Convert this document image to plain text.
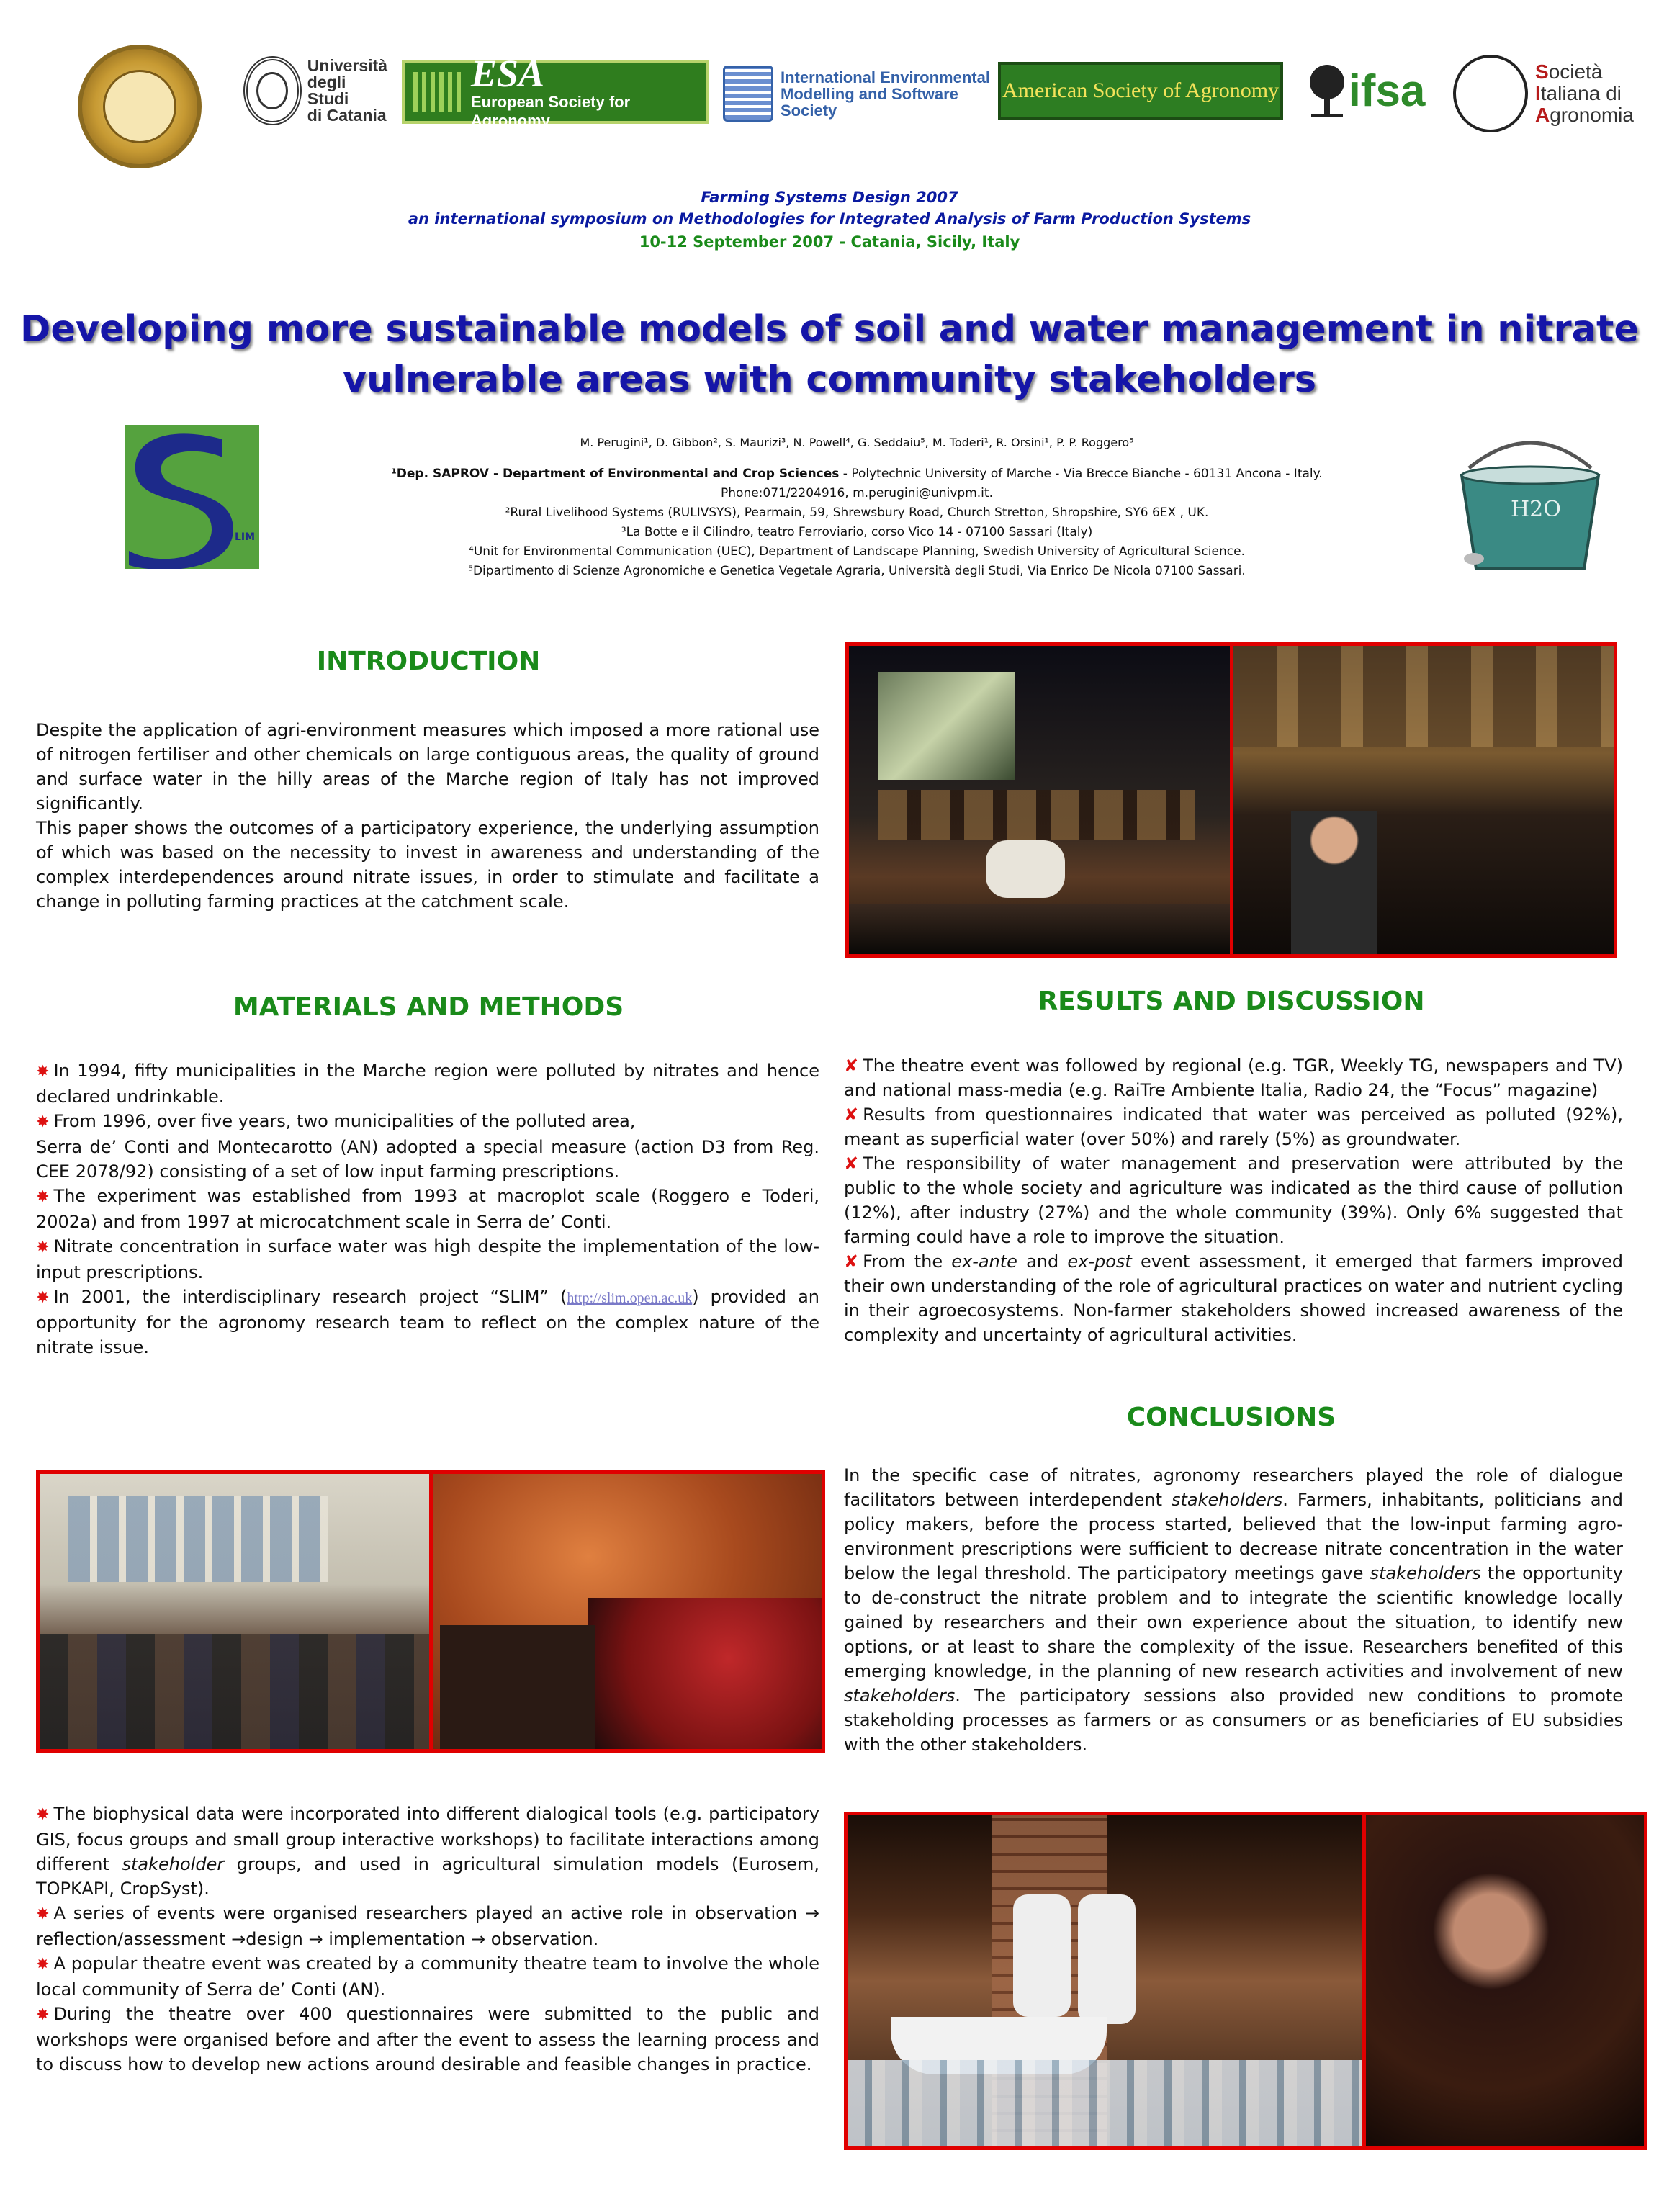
Università
degli Studi
di Catania
ESA
European Society for Agronomy
International Environmental
Modelling and Software
Society
American Society of Agronomy ifsa	Società
Italiana di
Agronomia
Farming Systems Design 2007
an international symposium on Methodologies for Integrated Analysis of Farm Production Systems
10-12 September 2007 - Catania, Sicily, Italy
Developing more sustainable models of soil and water management in nitrate
vulnerable areas with community stakeholders
LIM
H2O
M. Perugini¹, D. Gibbon², S. Maurizi³, N. Powell⁴, G. Seddaiu⁵, M. Toderi¹, R. Orsini¹, P. P. Roggero⁵
¹Dep. SAPROV - Department of Environmental and Crop Sciences - Polytechnic University of Marche - Via Brecce Bianche - 60131 Ancona - Italy.
Phone:071/2204916, m.perugini@univpm.it.
²Rural Livelihood Systems (RULIVSYS), Pearmain, 59, Shrewsbury Road, Church Stretton, Shropshire, SY6 6EX , UK.
³La Botte e il Cilindro, teatro Ferroviario, corso Vico 14 - 07100 Sassari (Italy)
⁴Unit for Environmental Communication (UEC), Department of Landscape Planning, Swedish University of Agricultural Science.
⁵Dipartimento di Scienze Agronomiche e Genetica Vegetale Agraria, Università degli Studi, Via Enrico De Nicola 07100 Sassari.
INTRODUCTION
Despite the application of agri-environment measures which imposed a more rational use of nitrogen fertiliser and other chemicals on large contiguous areas, the quality of ground and surface water in the hilly areas of the Marche region of Italy has not improved significantly.
This paper shows the outcomes of a participatory experience, the underlying assumption of which was based on the necessity to invest in awareness and understanding of the complex interdependences around nitrate issues, in order to stimulate and facilitate a change in polluting farming practices at the catchment scale.
MATERIALS AND METHODS
✸ In 1994, fifty municipalities in the Marche region were polluted by nitrates and hence declared undrinkable.
✸ From 1996, over five years, two municipalities of the polluted area,
Serra de’ Conti and Montecarotto (AN) adopted a special measure (action D3 from Reg. CEE 2078/92) consisting of a set of low input farming prescriptions.
✸ The experiment was established from 1993 at macroplot scale (Roggero e Toderi, 2002a) and from 1997 at microcatchment scale in Serra de’ Conti.
✸ Nitrate concentration in surface water was high despite the implementation of the low-input prescriptions.
✸ In 2001, the interdisciplinary research project “SLIM” (http://slim.open.ac.uk) provided an opportunity for the agronomy research team to reflect on the complex nature of the nitrate issue.
✸ The biophysical data were incorporated into different dialogical tools (e.g. participatory GIS, focus groups and small group interactive workshops) to facilitate interactions among different stakeholder groups, and used in agricultural simulation models (Eurosem, TOPKAPI, CropSyst).
✸ A series of events were organised researchers played an active role in observation → reflection/assessment →design → implementation → observation.
✸ A popular theatre event was created by a community theatre team to involve the whole local community of Serra de’ Conti (AN).
✸ During the theatre over 400 questionnaires were submitted to the public and workshops were organised before and after the event to assess the learning process and to discuss how to develop new actions around desirable and feasible changes in practice.
RESULTS AND DISCUSSION
✘ The theatre event was followed by regional (e.g. TGR, Weekly TG, newspapers and TV) and national mass-media (e.g. RaiTre Ambiente Italia, Radio 24, the “Focus” magazine)
✘ Results from questionnaires indicated that water was perceived as polluted (92%), meant as superficial water (over 50%) and rarely (5%) as groundwater.
✘ The responsibility of water management and preservation were attributed by the public to the whole society and agriculture was indicated as the third cause of pollution (12%), after industry (27%) and the whole community (39%). Only 6% suggested that farming could have a role to improve the situation.
✘ From the ex-ante and ex-post event assessment, it emerged that farmers improved their own understanding of the role of agricultural practices on water and nutrient cycling in their agroecosystems. Non-farmer stakeholders showed increased awareness of the complexity and uncertainty of agricultural activities.
CONCLUSIONS
In the specific case of nitrates, agronomy researchers played the role of dialogue facilitators between interdependent stakeholders. Farmers, inhabitants, politicians and policy makers, before the process started, believed that the low-input farming agro-environment prescriptions were sufficient to decrease nitrate concentration in the water below the legal threshold. The participatory meetings gave stakeholders the opportunity to de-construct the nitrate problem and to integrate the scientific knowledge locally gained by researchers and their own experience about the situation, to identify new options, or at least to share the complexity of the issue. Researchers benefited of this emerging knowledge, in the planning of new research activities and involvement of new stakeholders. The participatory sessions also provided new conditions to promote stakeholding processes as farmers or as consumers or as beneficiaries of EU subsidies with the other stakeholders.
